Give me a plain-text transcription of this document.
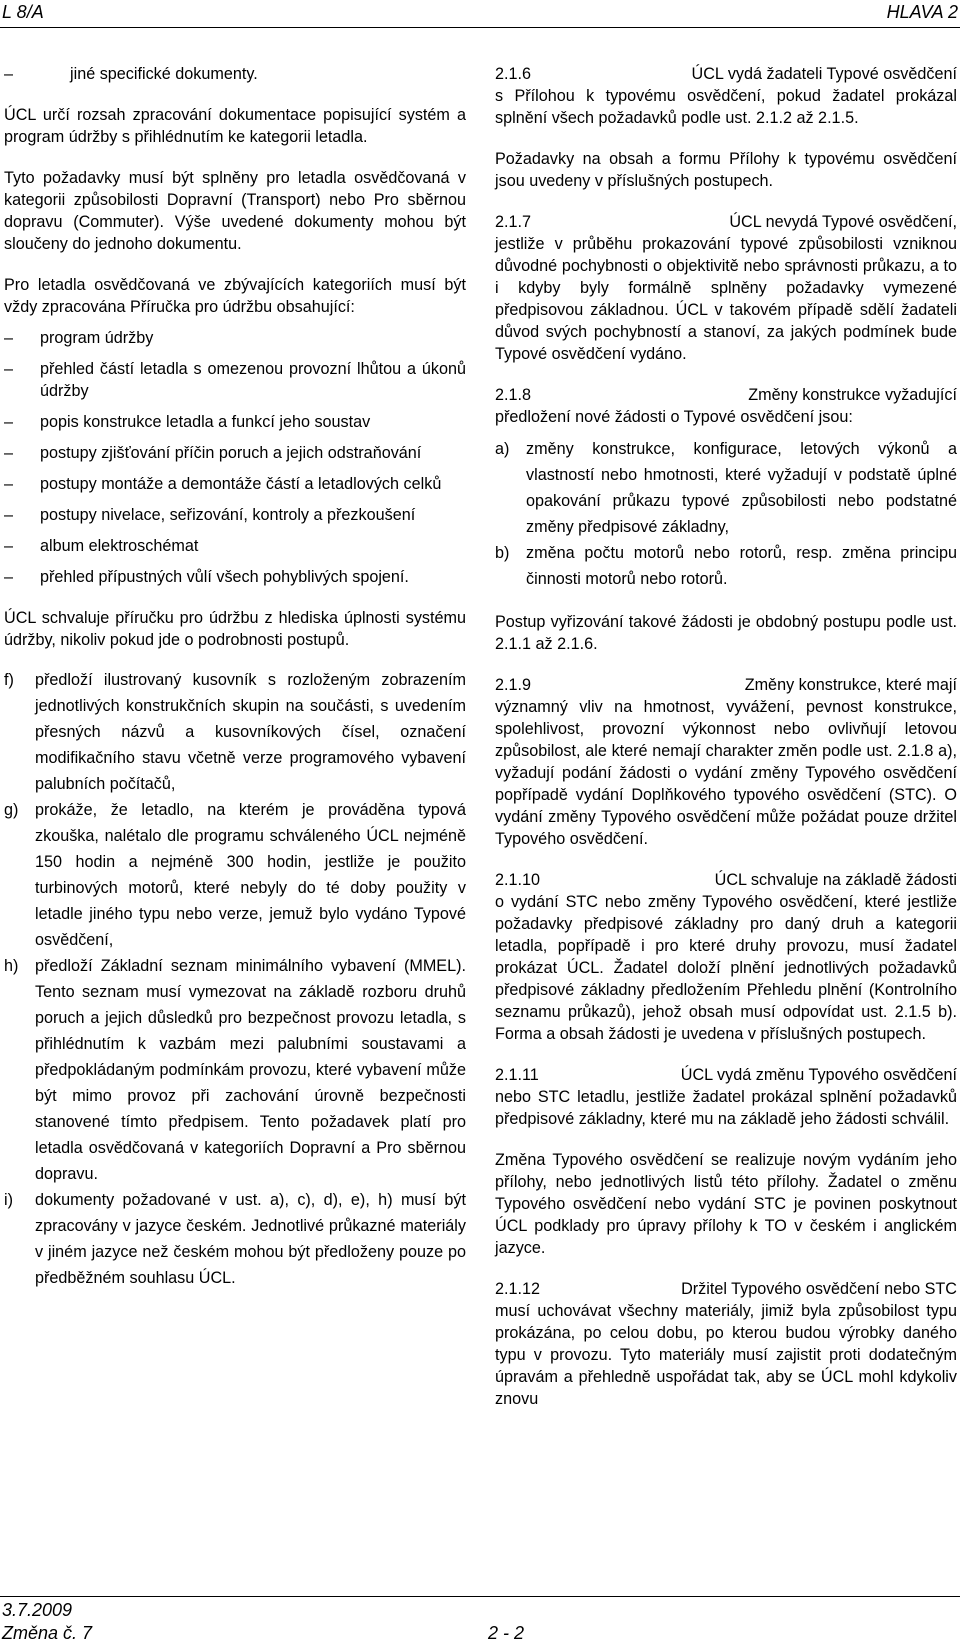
L 8/A	HLAVA 2
–	jiné specifické dokumenty.

ÚCL určí rozsah zpracování dokumentace popisující systém a program údržby s přihlédnutím ke kategorii letadla.

Tyto požadavky musí být splněny pro letadla osvědčovaná v kategorii způsobilosti Dopravní (Transport) nebo Pro sběrnou dopravu (Commuter). Výše uvedené dokumenty mohou být sloučeny do jednoho dokumentu.

Pro letadla osvědčovaná ve zbývajících kategoriích musí být vždy zpracována Příručka pro údržbu obsahující:

–	program údržby
–	přehled částí letadla s omezenou provozní lhůtou a úkonů údržby
–	popis konstrukce letadla a funkcí jeho soustav
–	postupy zjišťování příčin poruch a jejich odstraňování
–	postupy montáže a demontáže částí a letadlových celků
–	postupy nivelace, seřizování, kontroly a přezkoušení
–	album elektroschémat
–	přehled přípustných vůlí všech pohyblivých spojení.

ÚCL schvaluje příručku pro údržbu z hlediska úplnosti systému údržby, nikoliv pokud jde o podrobnosti postupů.

f)	předloží ilustrovaný kusovník s rozloženým zobrazením jednotlivých konstrukčních skupin na součásti, s uvedením přesných názvů a kusovníkových čísel, označení modifikačního stavu včetně verze programového vybavení palubních počítačů,
g)	prokáže, že letadlo, na kterém je prováděna typová zkouška, nalétalo dle programu schváleného ÚCL nejméně 150 hodin a nejméně 300 hodin, jestliže je použito turbinových motorů, které nebyly do té doby použity v letadle jiného typu nebo verze, jemuž bylo vydáno Typové osvědčení,
h)	předloží Základní seznam minimálního vybavení (MMEL). Tento seznam musí vymezovat na základě rozboru druhů poruch a jejich důsledků pro bezpečnost provozu letadla, s přihlédnutím k vazbám mezi palubními soustavami a předpokládaným podmínkám provozu, které vybavení může být mimo provoz při zachování úrovně bezpečnosti stanovené tímto předpisem. Tento požadavek platí pro letadla osvědčovaná v kategoriích Dopravní a Pro sběrnou dopravu.
i)	dokumenty požadované v ust. a), c), d), e), h) musí být zpracovány v jazyce českém. Jednotlivé průkazné materiály v jiném jazyce než českém mohou být předloženy pouze po předběžném souhlasu ÚCL.
2.1.6	ÚCL vydá žadateli Typové osvědčení

s Přílohou k typovému osvědčení, pokud žadatel prokázal splnění všech požadavků podle ust. 2.1.2 až 2.1.5.

Požadavky na obsah a formu Přílohy k typovému osvědčení jsou uvedeny v příslušných postupech.

2.1.7	ÚCL nevydá Typové osvědčení,

jestliže v průběhu prokazování typové způsobilosti vzniknou důvodné pochybnosti o objektivitě nebo správnosti průkazu, a to i kdyby byly formálně splněny požadavky vymezené předpisovou základnou. ÚCL v takovém případě sdělí žadateli důvod svých pochybností a stanoví, za jakých podmínek bude Typové osvědčení vydáno.

2.1.8	Změny konstrukce vyžadující

předložení nové žádosti o Typové osvědčení jsou:

a)	změny konstrukce, konfigurace, letových výkonů a vlastností nebo hmotnosti, které vyžadují v podstatě úplné opakování průkazu typové způsobilosti nebo podstatné změny předpisové základny,
b)	změna počtu motorů nebo rotorů, resp. změna principu činnosti motorů nebo rotorů.

Postup vyřizování takové žádosti je obdobný postupu podle ust. 2.1.1 až 2.1.6.

2.1.9	Změny konstrukce, které mají

významný vliv na hmotnost, vyvážení, pevnost konstrukce, spolehlivost, provozní výkonnost nebo ovlivňují letovou způsobilost, ale které nemají charakter změn podle ust. 2.1.8 a), vyžadují podání žádosti o vydání změny Typového osvědčení popřípadě vydání Doplňkového typového osvědčení (STC). O vydání změny Typového osvědčení může požádat pouze držitel Typového osvědčení.

2.1.10	ÚCL schvaluje na základě žádosti

o vydání STC nebo změny Typového osvědčení, které jestliže požadavky předpisové základny pro daný druh a kategorii letadla, popřípadě i pro které druhy provozu, musí žadatel prokázat ÚCL. Žadatel doloží plnění jednotlivých požadavků předpisové základny předložením Přehledu plnění (Kontrolního seznamu průkazů), jehož obsah musí odpovídat ust. 2.1.5 b). Forma a obsah žádosti je uvedena v příslušných postupech.

2.1.11	ÚCL vydá změnu Typového osvědčení

nebo STC letadlu, jestliže žadatel prokázal splnění požadavků předpisové základny, které mu na základě jeho žádosti schválil.

Změna Typového osvědčení se realizuje novým vydáním jeho přílohy, nebo jednotlivých listů této přílohy. Žadatel o změnu Typového osvědčení nebo vydání STC je povinen poskytnout ÚCL podklady pro úpravy přílohy k TO v českém i anglickém jazyce.

2.1.12	Držitel Typového osvědčení nebo STC

musí uchovávat všechny materiály, jimiž byla způsobilost typu prokázána, po celou dobu, po kterou budou výrobky daného typu v provozu. Tyto materiály musí zajistit proti dodatečným úpravám a přehledně uspořádat tak, aby se ÚCL mohl kdykoliv znovu

3.7.2009
Změna č. 7	2 - 2
